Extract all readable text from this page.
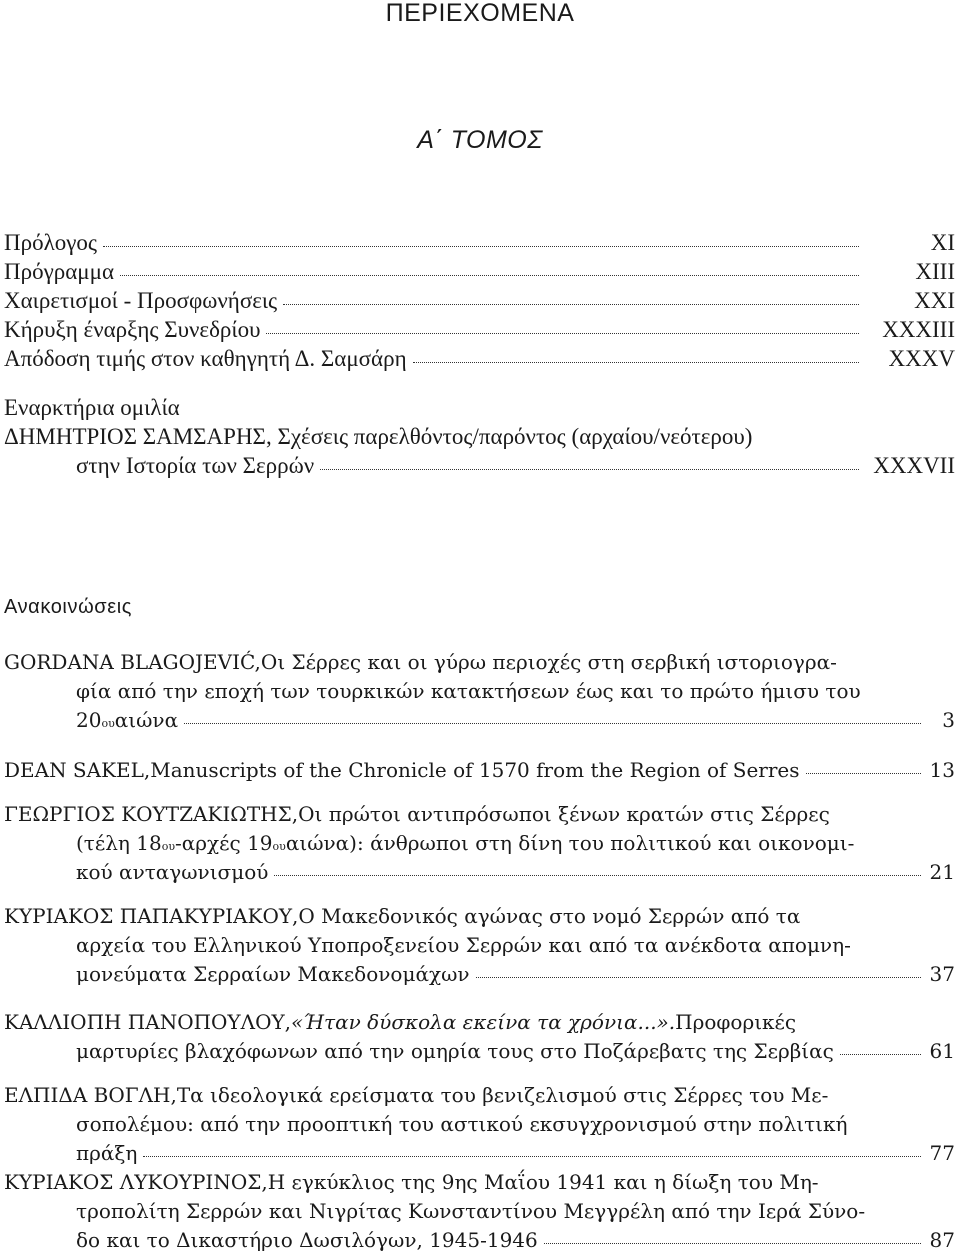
ΠΕΡΙΕΧΟΜΕΝΑ
Α΄ ΤΟΜΟΣ
Πρόλογος	XI
Πρόγραμμα	XIII
Χαιρετισμοί - Προσφωνήσεις	XXI
Κήρυξη έναρξης Συνεδρίου	XXXIII
Απόδοση τιμής στον καθηγητή Δ. Σαμσάρη	XXXV
Εναρκτήρια ομιλία
ΔΗΜΗΤΡΙΟΣ ΣΑΜΣΑΡΗΣ, Σχέσεις παρελθόντος/παρόντος (αρχαίου/νεότερου)
στην Ιστορία των Σερρών	XXXVII
Ανακοινώσεις
GORDANA BLAGOJEVIĆ, Οι Σέρρες και οι γύρω περιοχές στη σερβική ιστοριογρα-
φία από την εποχή των τουρκικών κατακτήσεων έως και το πρώτο ήμισυ του
20 ου αιώνα	3
DEAN SAKEL, Manuscripts of the Chronicle of 1570 from the Region of Serres	13
ΓΕΩΡΓΙΟΣ ΚΟΥΤΖΑΚΙΩΤΗΣ, Οι πρώτοι αντιπρόσωποι ξένων κρατών στις Σέρρες
(τέλη 18 ου -αρχές 19 ου αιώνα): άνθρωποι στη δίνη του πολιτικού και οικονομι-
κού ανταγωνισμού	21
ΚΥΡΙΑΚΟΣ ΠΑΠΑΚΥΡΙΑΚΟΥ, Ο Μακεδονικός αγώνας στο νομό Σερρών από τα
αρχεία του Ελληνικού Υποπροξενείου Σερρών και από τα ανέκδοτα απομνη-
μονεύματα Σερραίων Μακεδονομάχων	37
ΚΑΛΛΙΟΠΗ ΠΑΝΟΠΟΥΛΟΥ, «Ήταν δύσκολα εκείνα τα χρόνια...». Προφορικές
μαρτυρίες βλαχόφωνων από την ομηρία τους στο Ποζάρεβατς της Σερβίας	61
ΕΛΠΙΔΑ ΒΟΓΛΗ, Τα ιδεολογικά ερείσματα του βενιζελισμού στις Σέρρες του Με-
σοπολέμου: από την προοπτική του αστικού εκσυγχρονισμού στην πολιτική
πράξη	77
ΚΥΡΙΑΚΟΣ ΛΥΚΟΥΡΙΝΟΣ, Η εγκύκλιος της 9ης Μαΐου 1941 και η δίωξη του Μη-
τροπολίτη Σερρών και Νιγρίτας Κωνσταντίνου Μεγγρέλη από την Ιερά Σύνο-
δο και το Δικαστήριο Δωσιλόγων, 1945-1946	87
